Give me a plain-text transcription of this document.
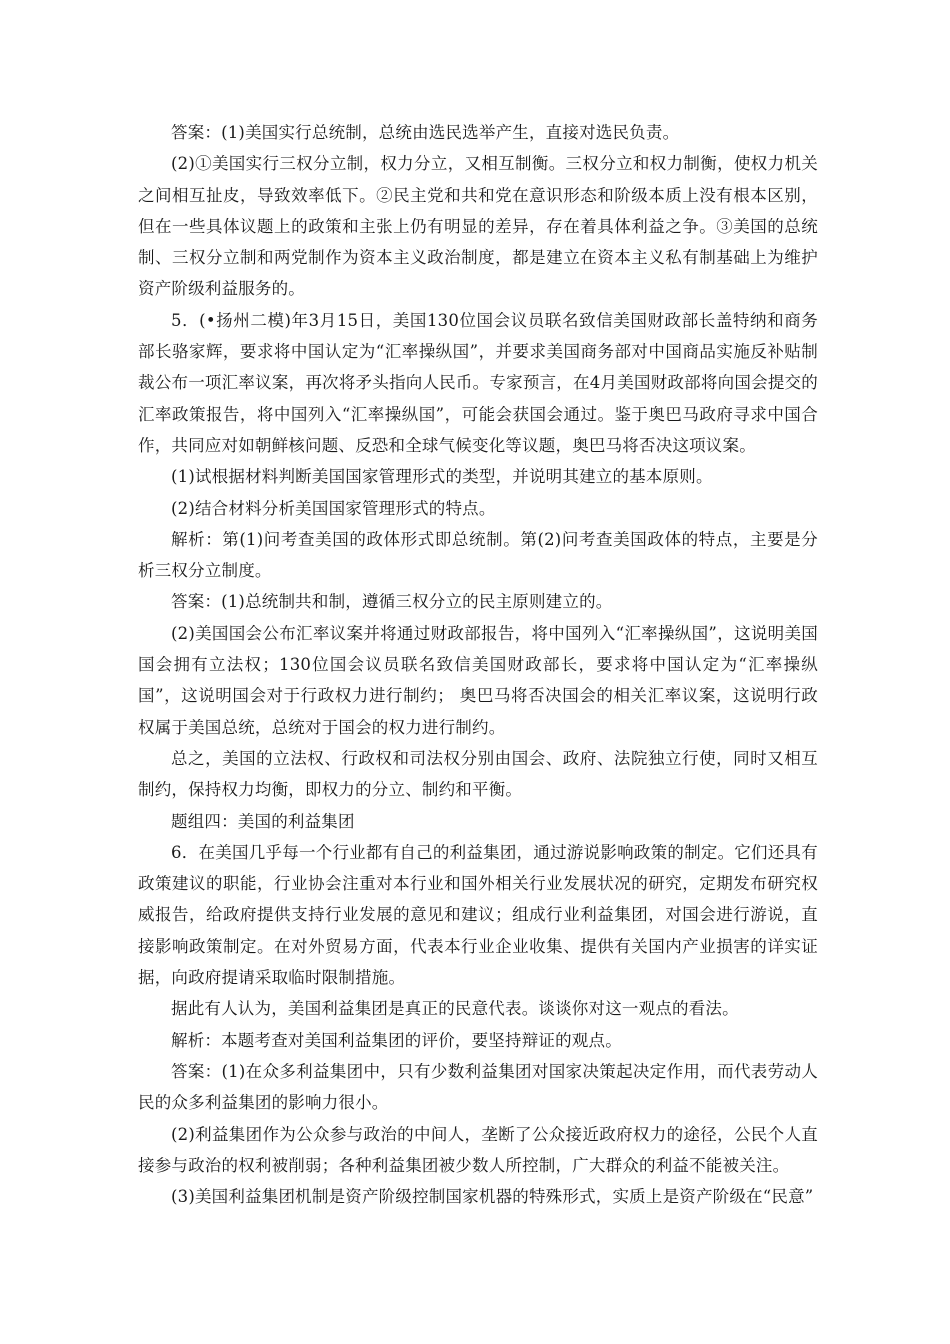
答案：(1)美国实行总统制，总统由选民选举产生，直接对选民负责。

(2)①美国实行三权分立制，权力分立，又相互制衡。三权分立和权力制衡，使权力机关之间相互扯皮，导致效率低下。②民主党和共和党在意识形态和阶级本质上没有根本区别，但在一些具体议题上的政策和主张上仍有明显的差异，存在着具体利益之争。③美国的总统制、三权分立制和两党制作为资本主义政治制度，都是建立在资本主义私有制基础上为维护资产阶级利益服务的。

5．(•扬州二模)年3月15日，美国130位国会议员联名致信美国财政部长盖特纳和商务部长骆家辉，要求将中国认定为“汇率操纵国”，并要求美国商务部对中国商品实施反补贴制裁公布一项汇率议案，再次将矛头指向人民币。专家预言，在4月美国财政部将向国会提交的汇率政策报告，将中国列入“汇率操纵国”，可能会获国会通过。鉴于奥巴马政府寻求中国合作，共同应对如朝鲜核问题、反恐和全球气候变化等议题，奥巴马将否决这项议案。

(1)试根据材料判断美国国家管理形式的类型，并说明其建立的基本原则。

(2)结合材料分析美国国家管理形式的特点。

解析：第(1)问考查美国的政体形式即总统制。第(2)问考查美国政体的特点，主要是分析三权分立制度。

答案：(1)总统制共和制，遵循三权分立的民主原则建立的。

(2)美国国会公布汇率议案并将通过财政部报告，将中国列入“汇率操纵国”，这说明美国国会拥有立法权；130位国会议员联名致信美国财政部长，要求将中国认定为“汇率操纵国”，这说明国会对于行政权力进行制约； 奥巴马将否决国会的相关汇率议案，这说明行政权属于美国总统，总统对于国会的权力进行制约。

总之，美国的立法权、行政权和司法权分别由国会、政府、法院独立行使，同时又相互制约，保持权力均衡，即权力的分立、制约和平衡。

题组四：美国的利益集团

6．在美国几乎每一个行业都有自己的利益集团，通过游说影响政策的制定。它们还具有政策建议的职能，行业协会注重对本行业和国外相关行业发展状况的研究，定期发布研究权威报告，给政府提供支持行业发展的意见和建议；组成行业利益集团，对国会进行游说，直接影响政策制定。在对外贸易方面，代表本行业企业收集、提供有关国内产业损害的详实证据，向政府提请采取临时限制措施。

据此有人认为，美国利益集团是真正的民意代表。谈谈你对这一观点的看法。

解析：本题考查对美国利益集团的评价，要坚持辩证的观点。

答案：(1)在众多利益集团中，只有少数利益集团对国家决策起决定作用，而代表劳动人民的众多利益集团的影响力很小。

(2)利益集团作为公众参与政治的中间人，垄断了公众接近政府权力的途径，公民个人直接参与政治的权利被削弱；各种利益集团被少数人所控制，广大群众的利益不能被关注。

(3)美国利益集团机制是资产阶级控制国家机器的特殊形式，实质上是资产阶级在“民意”
